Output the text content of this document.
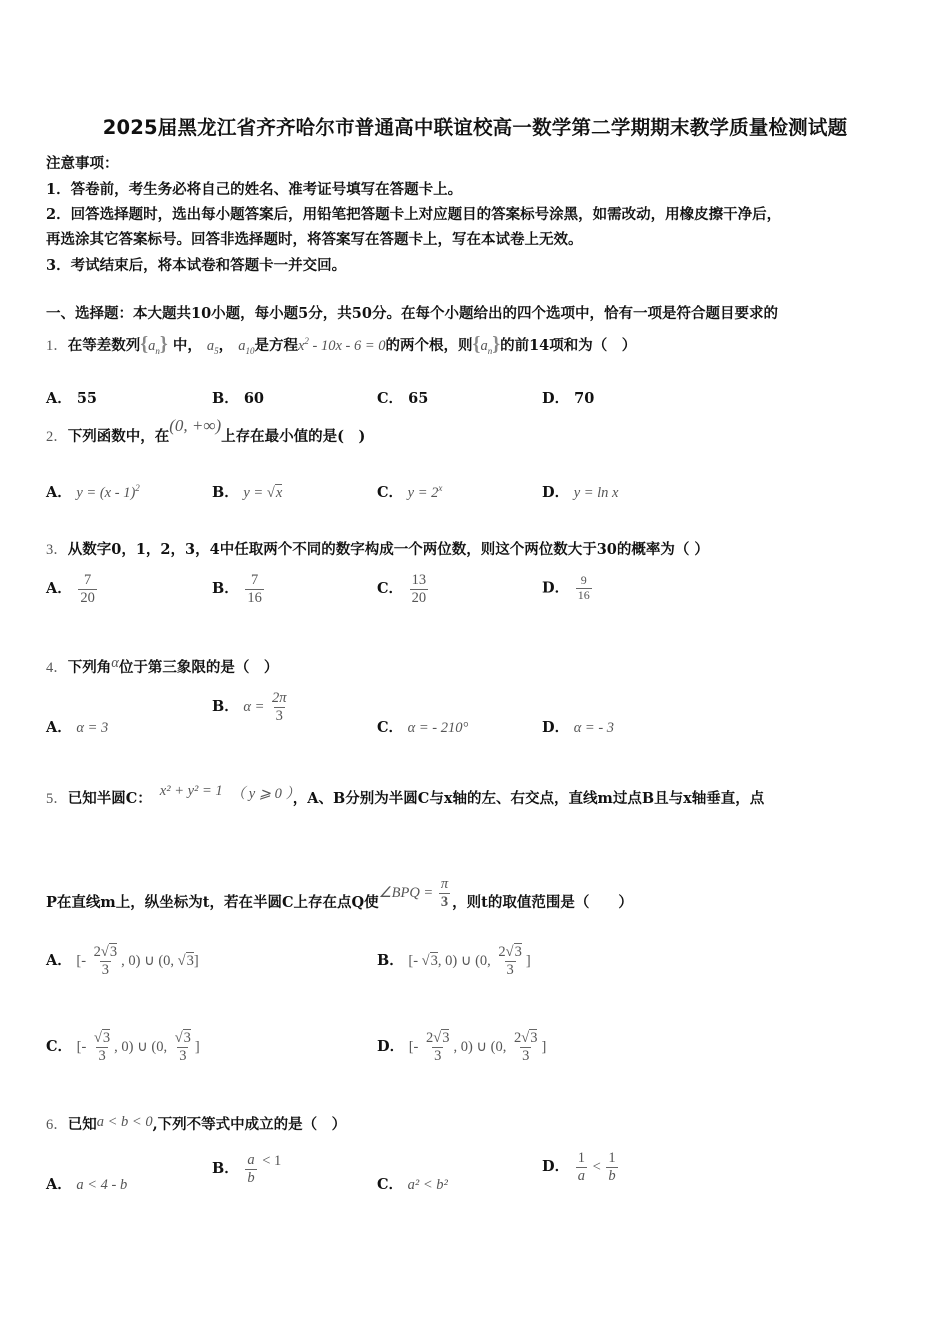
2025届黑龙江省齐齐哈尔市普通高中联谊校高一数学第二学期期末教学质量检测试题
注意事项：
1．答卷前，考生务必将自己的姓名、准考证号填写在答题卡上。
2．回答选择题时，选出每小题答案后，用铅笔把答题卡上对应题目的答案标号涂黑，如需改动，用橡皮擦干净后，
再选涂其它答案标号。回答非选择题时，将答案写在答题卡上，写在本试卷上无效。
3．考试结束后，将本试卷和答题卡一并交回。
一、选择题：本大题共10小题，每小题5分，共50分。在每个小题给出的四个选项中，恰有一项是符合题目要求的
1．在等差数列$\{a_n\}$ 中， $a_5$， $a_{10}$是方程$x^2 - 10x - 6 = 0$的两个根，则$\{a_n\}$的前14项和为（　）
A． 55	B． 60	C． 65	D． 70
2．下列函数中，在(0, +∞)上存在最小值的是(　)
A． y = (x - 1)$^2$	B． y = √x	C． $y = 2^x$	D． y = ln x
3．从数字0，1，2，3，4中任取两个不同的数字构成一个两位数，则这个两位数大于30的概率为（ ）
A． $\frac{7}{20}$	B． $\frac{7}{16}$	C． $\frac{13}{20}$	D． $\frac{9}{16}$
4．下列角α位于第三象限的是（　）
A． α = 3
B． $\alpha = \frac{2\pi}{3}$
C． α = - 210°	D． α = - 3
5．已知半圆C： x² + y² = 1 （ y ⩾ 0 ），A、B分别为半圆C与x轴的左、右交点，直线m过点B且与x轴垂直，点
P在直线m上，纵坐标为t，若在半圆C上存在点Q使∠BPQ = $\frac{\pi}{3}$ ，则t的取值范围是（　　）
A． [- $\frac{2√3}{3}$ , 0) ∪ (0, √3]	B． [- √3, 0) ∪ (0, $\frac{2√3}{3}$ ]
C． [- $\frac{√3}{3}$ , 0) ∪ (0, $\frac{√3}{3}$ ]	D． [- $\frac{2√3}{3}$ , 0) ∪ (0, $\frac{2√3}{3}$ ]
6．已知a < b < 0,下列不等式中成立的是（　）
A． a < 4 - b
B． $\frac{a}{b} < 1$
C． a² < b²
D． $\frac{1}{a} < \frac{1}{b}$
